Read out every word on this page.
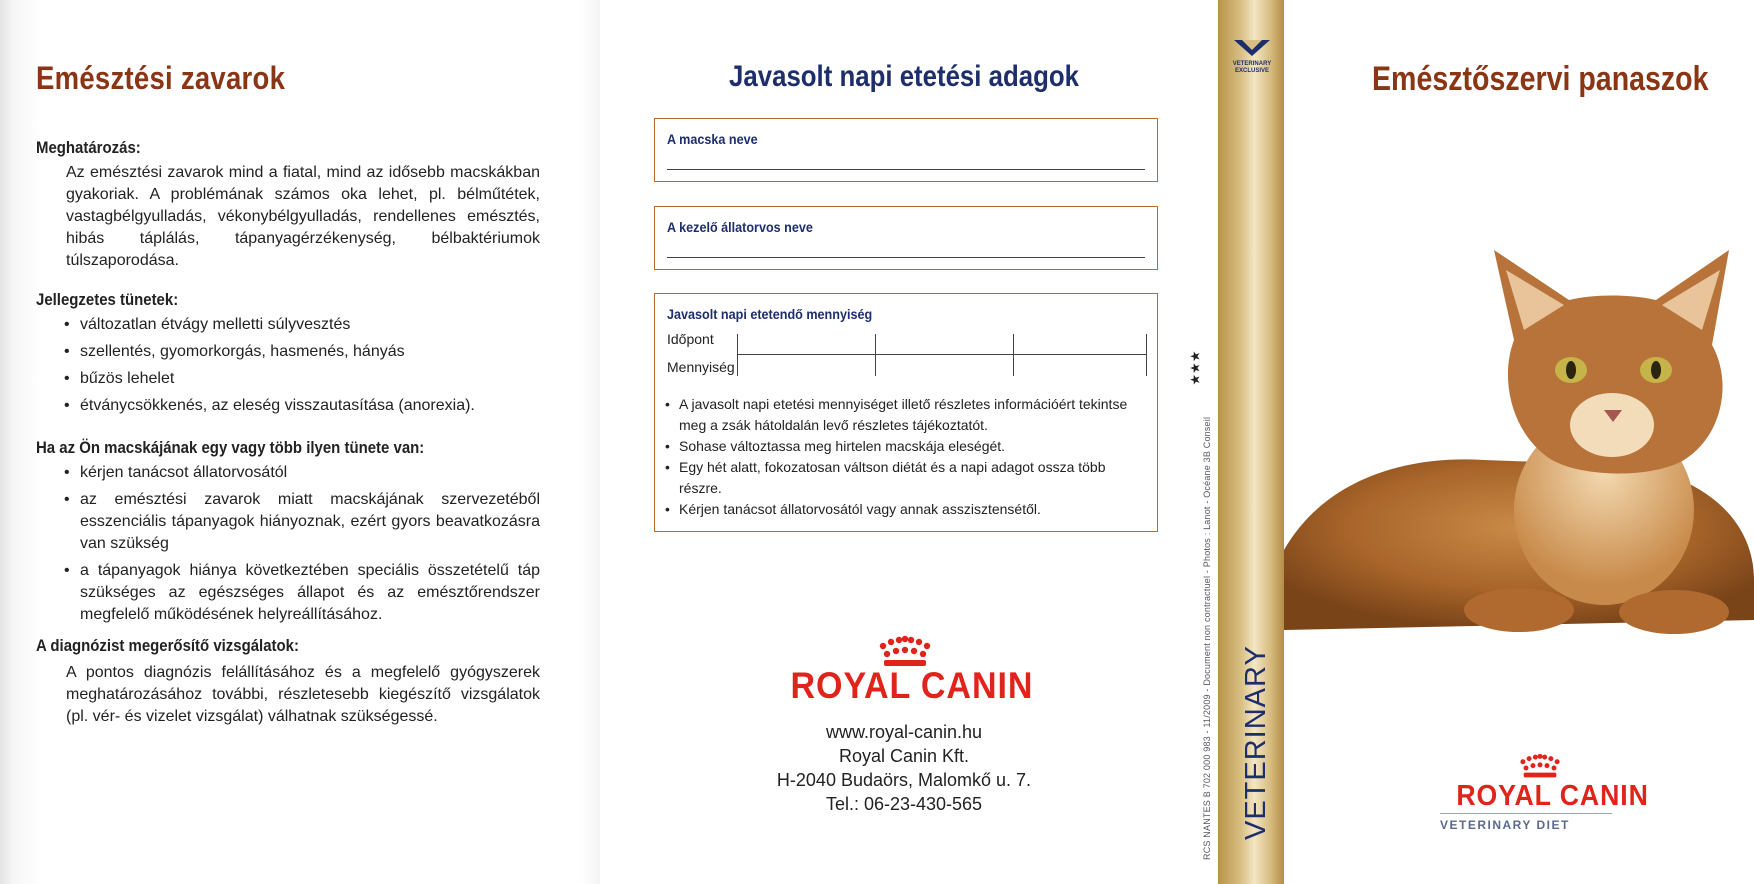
Emésztési zavarok
Meghatározás:
Az emésztési zavarok mind a fiatal, mind az idősebb macskákban gyakoriak. A problémának számos oka lehet, pl. bélműtétek, vastagbélgyulladás, vékonybélgyulladás, rendellenes emésztés, hibás táplálás, tápanyagérzékenység, bélbaktériumok túlszaporodása.
Jellegzetes tünetek:
• változatlan étvágy melletti súlyvesztés
• szellentés, gyomorkorgás, hasmenés, hányás
• bűzös lehelet
• étványcsökkenés, az eleség visszautasítása (anorexia).
Ha az Ön macskájának egy vagy több ilyen tünete van:
• kérjen tanácsot állatorvosától
• az emésztési zavarok miatt macskájának szervezetéből esszenciális tápanyagok hiányoznak, ezért gyors beavatkozásra van szükség
• a tápanyagok hiánya következtében speciális összetételű táp szükséges az egészséges állapot és az emésztőrendszer megfelelő működésének helyreállításához.
A diagnózist megerősítő vizsgálatok:
A pontos diagnózis felállításához és a megfelelő gyógyszerek meghatározásához további, részletesebb kiegészítő vizsgálatok (pl. vér- és vizelet vizsgálat) válhatnak szükségessé.
Javasolt napi etetési adagok
A macska neve
A kezelő állatorvos neve
Javasolt napi etetendő mennyiség
Időpont
Mennyiség
• A javasolt napi etetési mennyiséget illető részletes információért tekintse meg a zsák hátoldalán levő részletes tájékoztatót.
• Sohase változtassa meg hirtelen macskája eleségét.
• Egy hét alatt, fokozatosan váltson diétát és a napi adagot ossza több részre.
• Kérjen tanácsot állatorvosától vagy annak asszisztensétől.
ROYAL CANIN
www.royal-canin.hu
Royal Canin Kft.
H-2040 Budaörs, Malomkő u. 7.
Tel.: 06-23-430-565	RCS NANTES B 702 000 983 - 11/2009 - Document non contractuel - Photos : Lanot - Océane 3B Conseil
VETERINARY
EXCLUSIVE
VETERINARY
★★★
Emésztőszervi panaszok
ROYAL CANIN
VETERINARY DIET
